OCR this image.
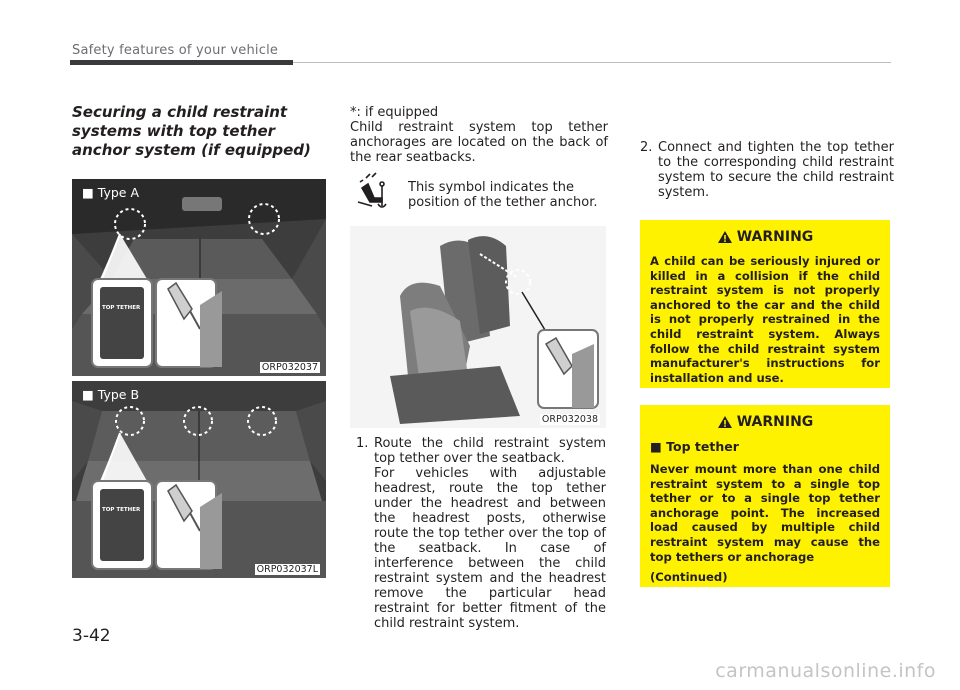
Safety features of your vehicle
Securing a child restraint systems with top tether anchor system (if equipped)
■ Type A
TOP TETHER
ORP032037
■ Type B
TOP TETHER
ORP032037L
*: if equipped
Child restraint system top tether anchorages are located on the back of the rear seatbacks.
This symbol indicates the position of the tether anchor.
ORP032038
1. Route the child restraint system top tether over the seatback.
For vehicles with adjustable headrest, route the top tether under the headrest and between the headrest posts, otherwise route the top tether over the top of the seatback. In case of interference between the child restraint system and the headrest remove the particular head restraint for better fitment of the child restraint system.
2. Connect and tighten the top tether to the corresponding child restraint system to secure the child restraint system.
WARNING
A child can be seriously injured or killed in a collision if the child restraint system is not properly anchored to the car and the child is not properly restrained in the child restraint system. Always follow the child restraint system manufacturer's instructions for installation and use.
WARNING
■ Top tether
Never mount more than one child restraint system to a single top tether or to a single top tether anchorage point. The increased load caused by multiple child restraint system may cause the top tethers or anchorage
(Continued)
3-42
carmanualsonline.info
